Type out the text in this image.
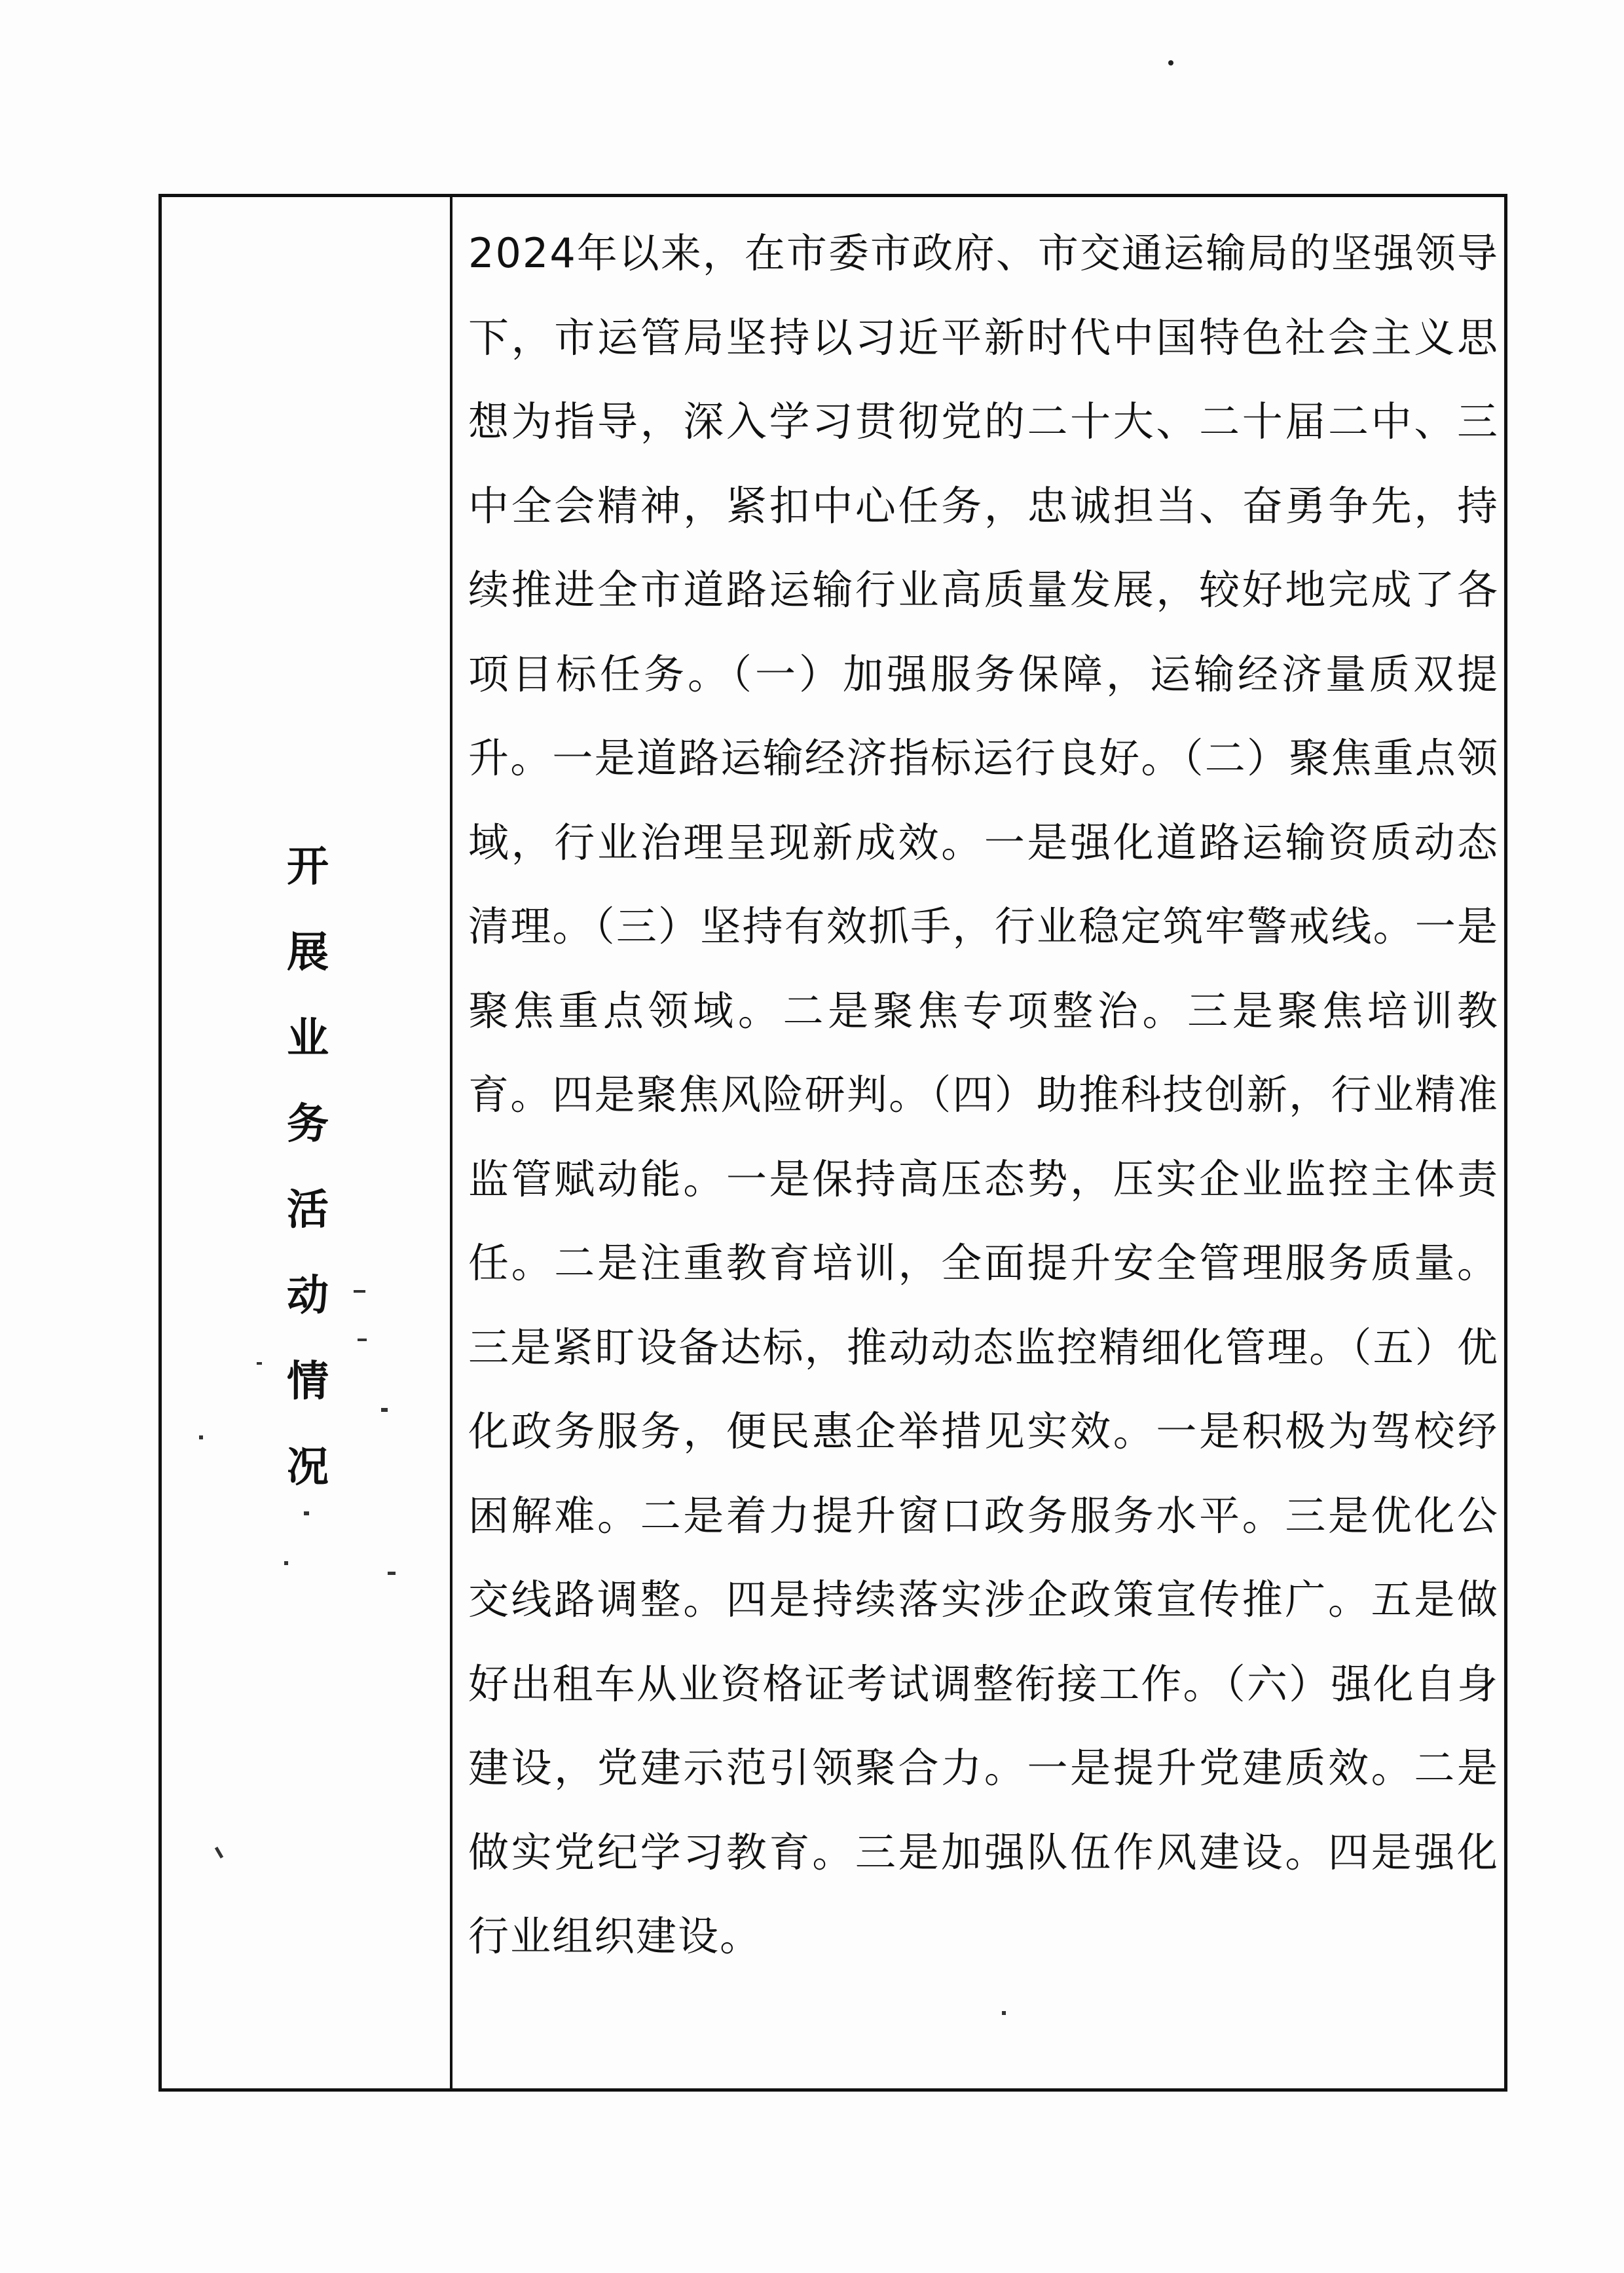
开展业务活动情况
2024年以来，在市委市政府、市交通运输局的坚强领导下，市运管局坚持以习近平新时代中国特色社会主义思想为指导，深入学习贯彻党的二十大、二十届二中、三中全会精神，紧扣中心任务，忠诚担当、奋勇争先，持续推进全市道路运输行业高质量发展，较好地完成了各项目标任务。（一）加强服务保障，运输经济量质双提升。一是道路运输经济指标运行良好。（二）聚焦重点领域，行业治理呈现新成效。一是强化道路运输资质动态清理。（三）坚持有效抓手，行业稳定筑牢警戒线。一是聚焦重点领域。二是聚焦专项整治。三是聚焦培训教育。四是聚焦风险研判。（四）助推科技创新，行业精准监管赋动能。一是保持高压态势，压实企业监控主体责任。二是注重教育培训，全面提升安全管理服务质量。三是紧盯设备达标，推动动态监控精细化管理。（五）优化政务服务，便民惠企举措见实效。一是积极为驾校纾困解难。二是着力提升窗口政务服务水平。三是优化公交线路调整。四是持续落实涉企政策宣传推广。五是做好出租车从业资格证考试调整衔接工作。（六）强化自身建设，党建示范引领聚合力。一是提升党建质效。二是做实党纪学习教育。三是加强队伍作风建设。四是强化行业组织建设。
